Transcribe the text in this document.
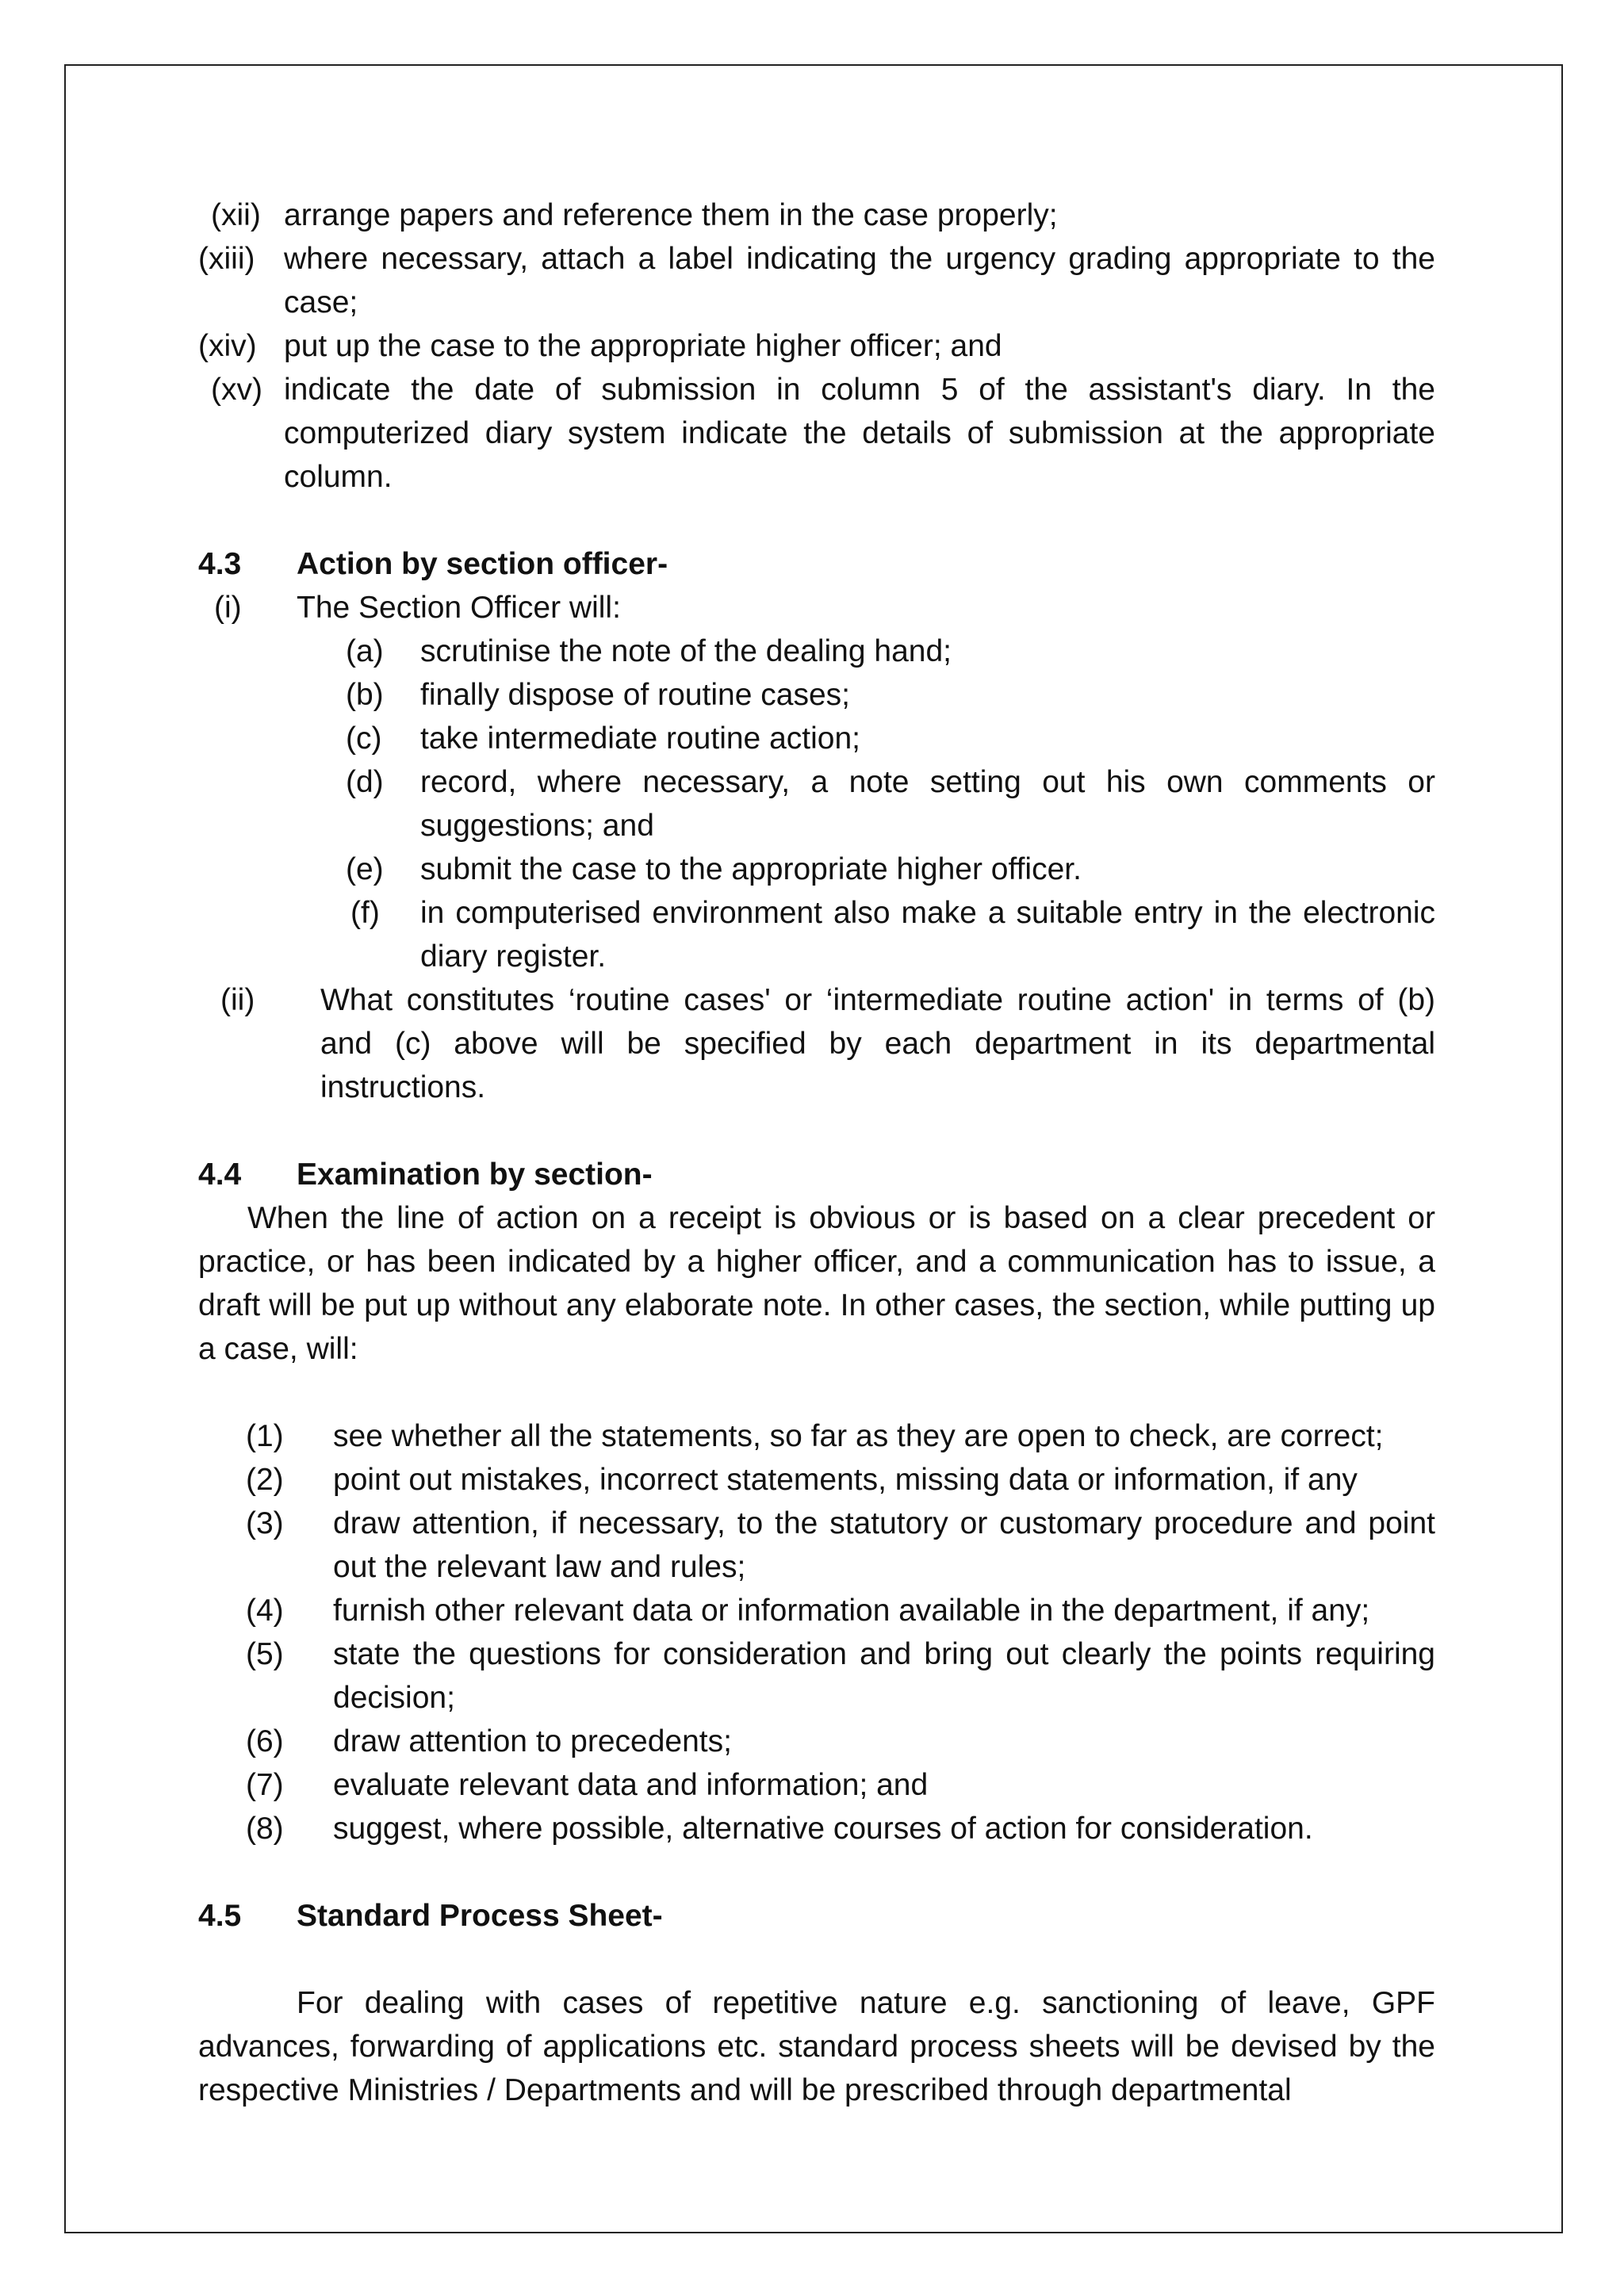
(xii) arrange papers and reference them in the case properly;
(xiii) where necessary, attach a label indicating the urgency grading appropriate to the case;
(xiv) put up the case to the appropriate higher officer; and
(xv) indicate the date of submission in column 5 of the assistant's diary. In the computerized diary system indicate the details of submission at the appropriate column.
4.3	Action by section officer-
(i)	The Section Officer will:
(a)	scrutinise the note of the dealing hand;
(b)	finally dispose of routine cases;
(c)	take intermediate routine action;
(d)	record, where necessary, a note setting out his own comments or suggestions; and
(e)	submit the case to the appropriate higher officer.
(f)	in computerised environment also make a suitable entry in the electronic diary register.
(ii)	What constitutes ‘routine cases' or ‘intermediate routine action' in terms of (b) and (c) above will be specified by each department in its departmental instructions.
4.4	Examination by section-
When the line of action on a receipt is obvious or is based on a clear precedent or practice, or has been indicated by a higher officer, and a communication has to issue, a draft will be put up without any elaborate note. In other cases, the section, while putting up a case, will:
(1)	see whether all the statements, so far as they are open to check, are correct;
(2)	point out mistakes, incorrect statements, missing data or information, if any
(3)	draw attention, if necessary, to the statutory or customary procedure and point out the relevant law and rules;
(4)	furnish other relevant data or information available in the department, if any;
(5)	state the questions for consideration and bring out clearly the points requiring decision;
(6)	draw attention to precedents;
(7)	evaluate relevant data and information; and
(8)	suggest, where possible, alternative courses of action for consideration.
4.5	Standard Process Sheet-
For dealing with cases of repetitive nature e.g. sanctioning of leave, GPF advances, forwarding of applications etc. standard process sheets will be devised by the respective Ministries / Departments and will be prescribed through departmental
